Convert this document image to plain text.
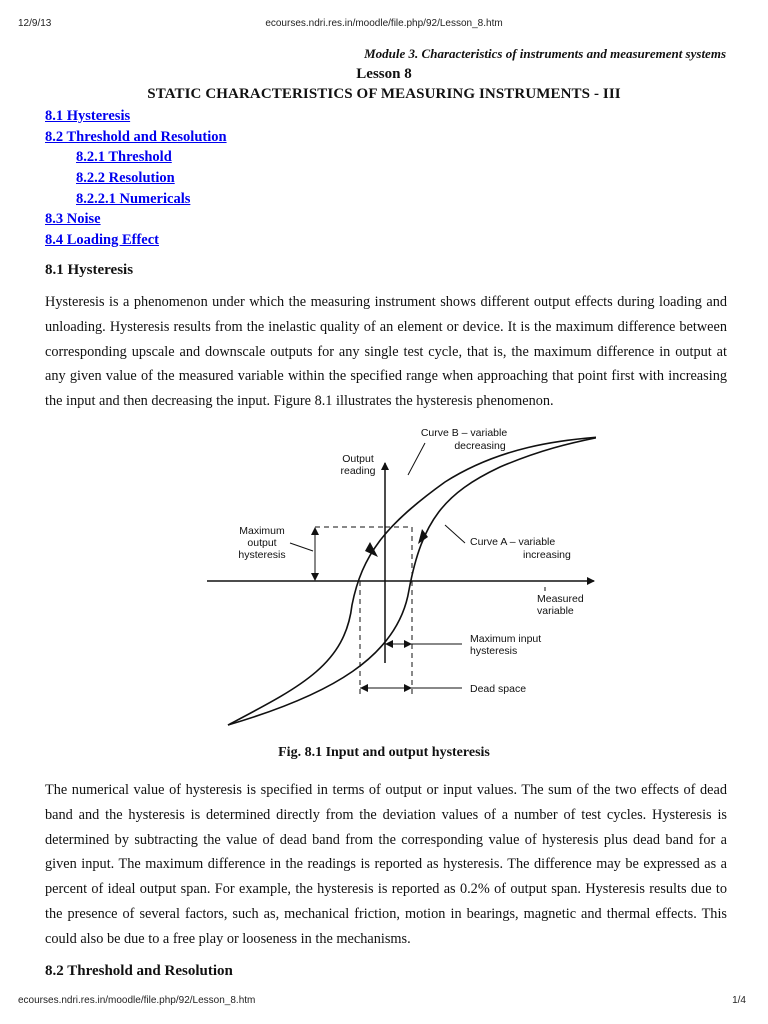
12/9/13	ecourses.ndri.res.in/moodle/file.php/92/Lesson_8.htm
Module 3. Characteristics of instruments and measurement systems
Lesson 8
STATIC CHARACTERISTICS OF MEASURING INSTRUMENTS - III
8.1 Hysteresis
8.2 Threshold and Resolution
8.2.1 Threshold
8.2.2 Resolution
8.2.2.1 Numericals
8.3 Noise
8.4 Loading Effect
8.1 Hysteresis

Hysteresis is a phenomenon under which the measuring instrument shows different output effects during loading and unloading. Hysteresis results from the inelastic quality of an element or device. It is the maximum difference between corresponding upscale and downscale outputs for any single test cycle, that is, the maximum difference in output at any given value of the measured variable within the specified range when approaching that point first with increasing the input and then decreasing the input. Figure 8.1 illustrates the hysteresis phenomenon.

Curve B – variable
decreasing
Output
reading
Maximum
output
hysteresis
Curve A – variable
increasing
Measured
variable
Maximum input
hysteresis
Dead space
Fig. 8.1 Input and output hysteresis

The numerical value of hysteresis is specified in terms of output or input values. The sum of the two effects of dead band and the hysteresis is determined directly from the deviation values of a number of test cycles. Hysteresis is determined by subtracting the value of dead band from the corresponding value of hysteresis plus dead band for a given input. The maximum difference in the readings is reported as hysteresis. The difference may be expressed as a percent of ideal output span. For example, the hysteresis is reported as 0.2% of output span. Hysteresis results due to the presence of several factors, such as, mechanical friction, motion in bearings, magnetic and thermal effects. This could also be due to a free play or looseness in the mechanisms.

8.2 Threshold and Resolution
ecourses.ndri.res.in/moodle/file.php/92/Lesson_8.htm	1/4
